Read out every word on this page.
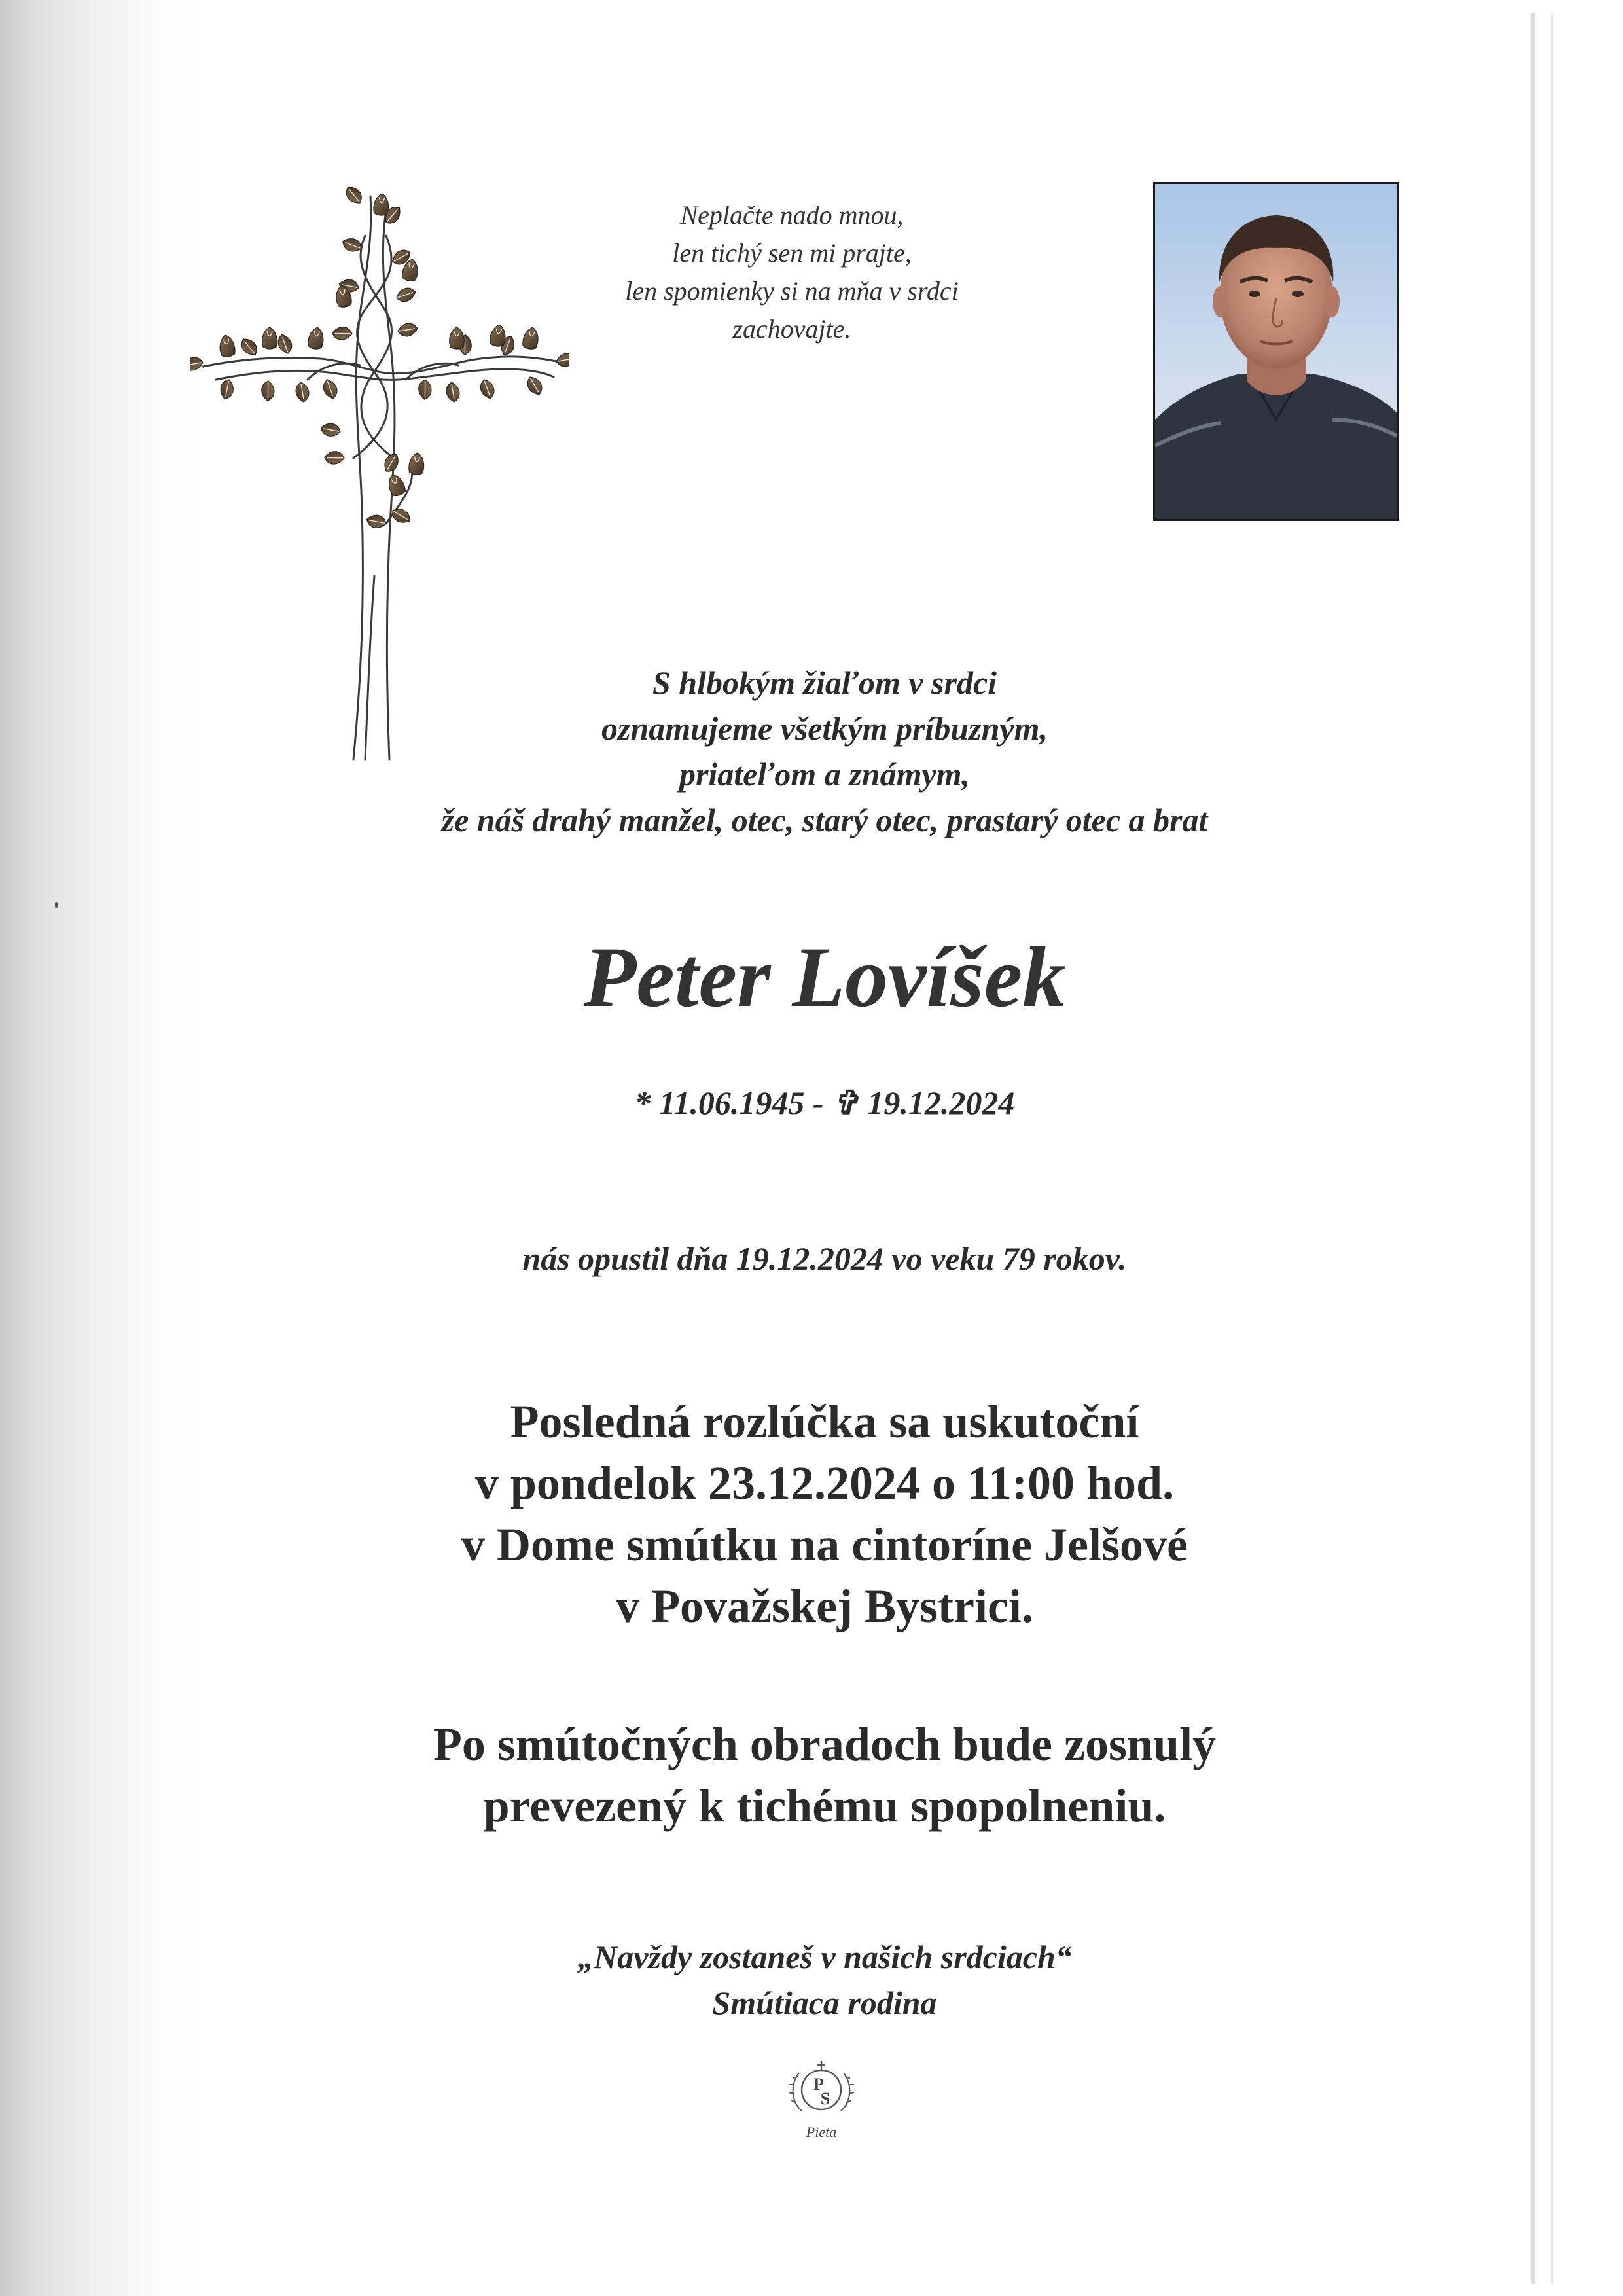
Neplačte nado mnou,
len tichý sen mi prajte,
len spomienky si na mňa v srdci
zachovajte.
S hlbokým žiaľom v srdci
oznamujeme všetkým príbuzným,
priateľom a známym,
že náš drahý manžel, otec, starý otec, prastarý otec a brat
Peter Lovíšek
* 11.06.1945 - ✞ 19.12.2024
nás opustil dňa 19.12.2024 vo veku 79 rokov.
Posledná rozlúčka sa uskutoční
v pondelok 23.12.2024 o 11:00 hod.
v Dome smútku na cintoríne Jelšové
v Považskej Bystrici.
Po smútočných obradoch bude zosnulý
prevezený k tichému spopolneniu.
„Navždy zostaneš v našich srdciach“
Smútiaca rodina
P
S
Pieta
